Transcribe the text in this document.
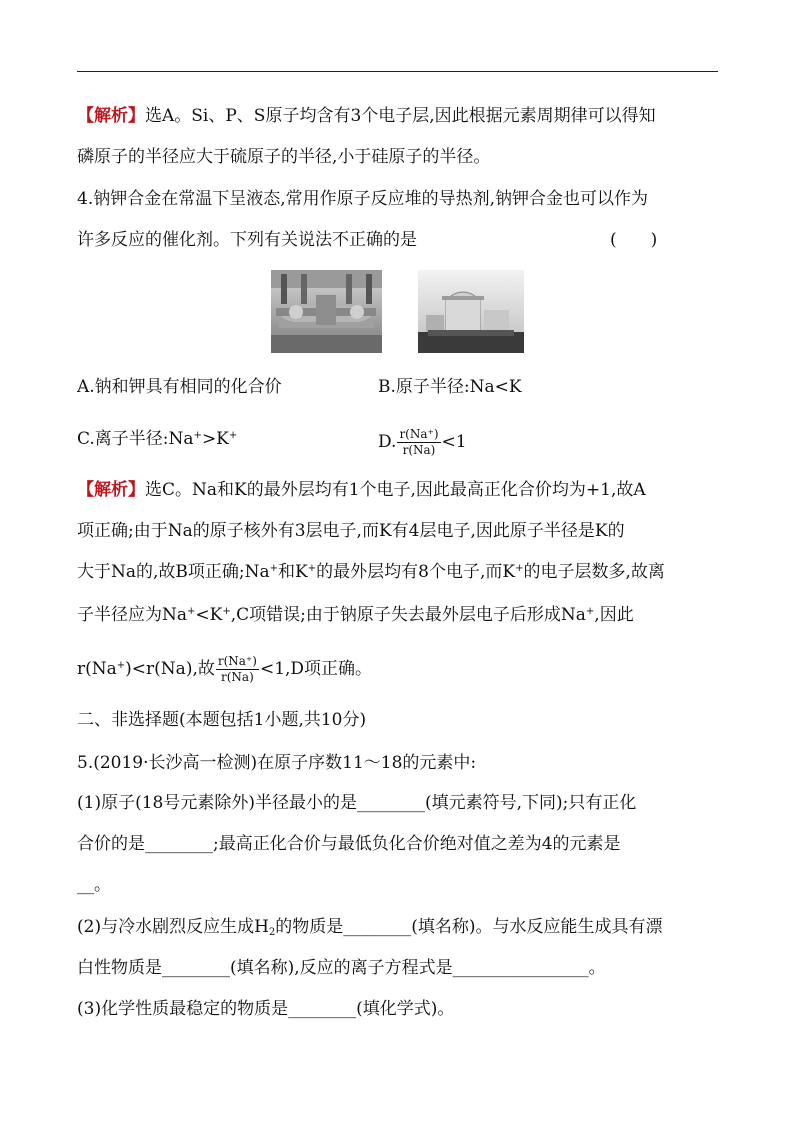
【解析】选A。Si、P、S原子均含有3个电子层,因此根据元素周期律可以得知
磷原子的半径应大于硫原子的半径,小于硅原子的半径。
4.钠钾合金在常温下呈液态,常用作原子反应堆的导热剂,钠钾合金也可以作为
许多反应的催化剂。下列有关说法不正确的是	(　　)
A.钠和钾具有相同的化合价	B.原子半径:Na<K
C.离子半径:Na+>K+	D. $\frac{r(Na^+)}{r(Na)} <1$
【解析】选C。Na和K的最外层均有1个电子,因此最高正化合价均为+1,故A
项正确;由于Na的原子核外有3层电子,而K有4层电子,因此原子半径是K的
大于Na的,故B项正确;Na+和K+的最外层均有8个电子,而K+的电子层数多,故离
子半径应为Na+<K+,C项错误;由于钠原子失去最外层电子后形成Na+,因此
r(Na+)<r(Na),故 $\frac{r(Na^+)}{r(Na)} <1,D$项正确。
二、非选择题(本题包括1小题,共10分)
5.(2019·长沙高一检测)在原子序数11～18的元素中:
(1)原子(18号元素除外)半径最小的是________(填元素符号,下同);只有正化
合价的是________;最高正化合价与最低负化合价绝对值之差为4的元素是
__。
(2)与冷水剧烈反应生成$H_2$的物质是________(填名称)。与水反应能生成具有漂
白性物质是________(填名称),反应的离子方程式是________________。
(3)化学性质最稳定的物质是________(填化学式)。
